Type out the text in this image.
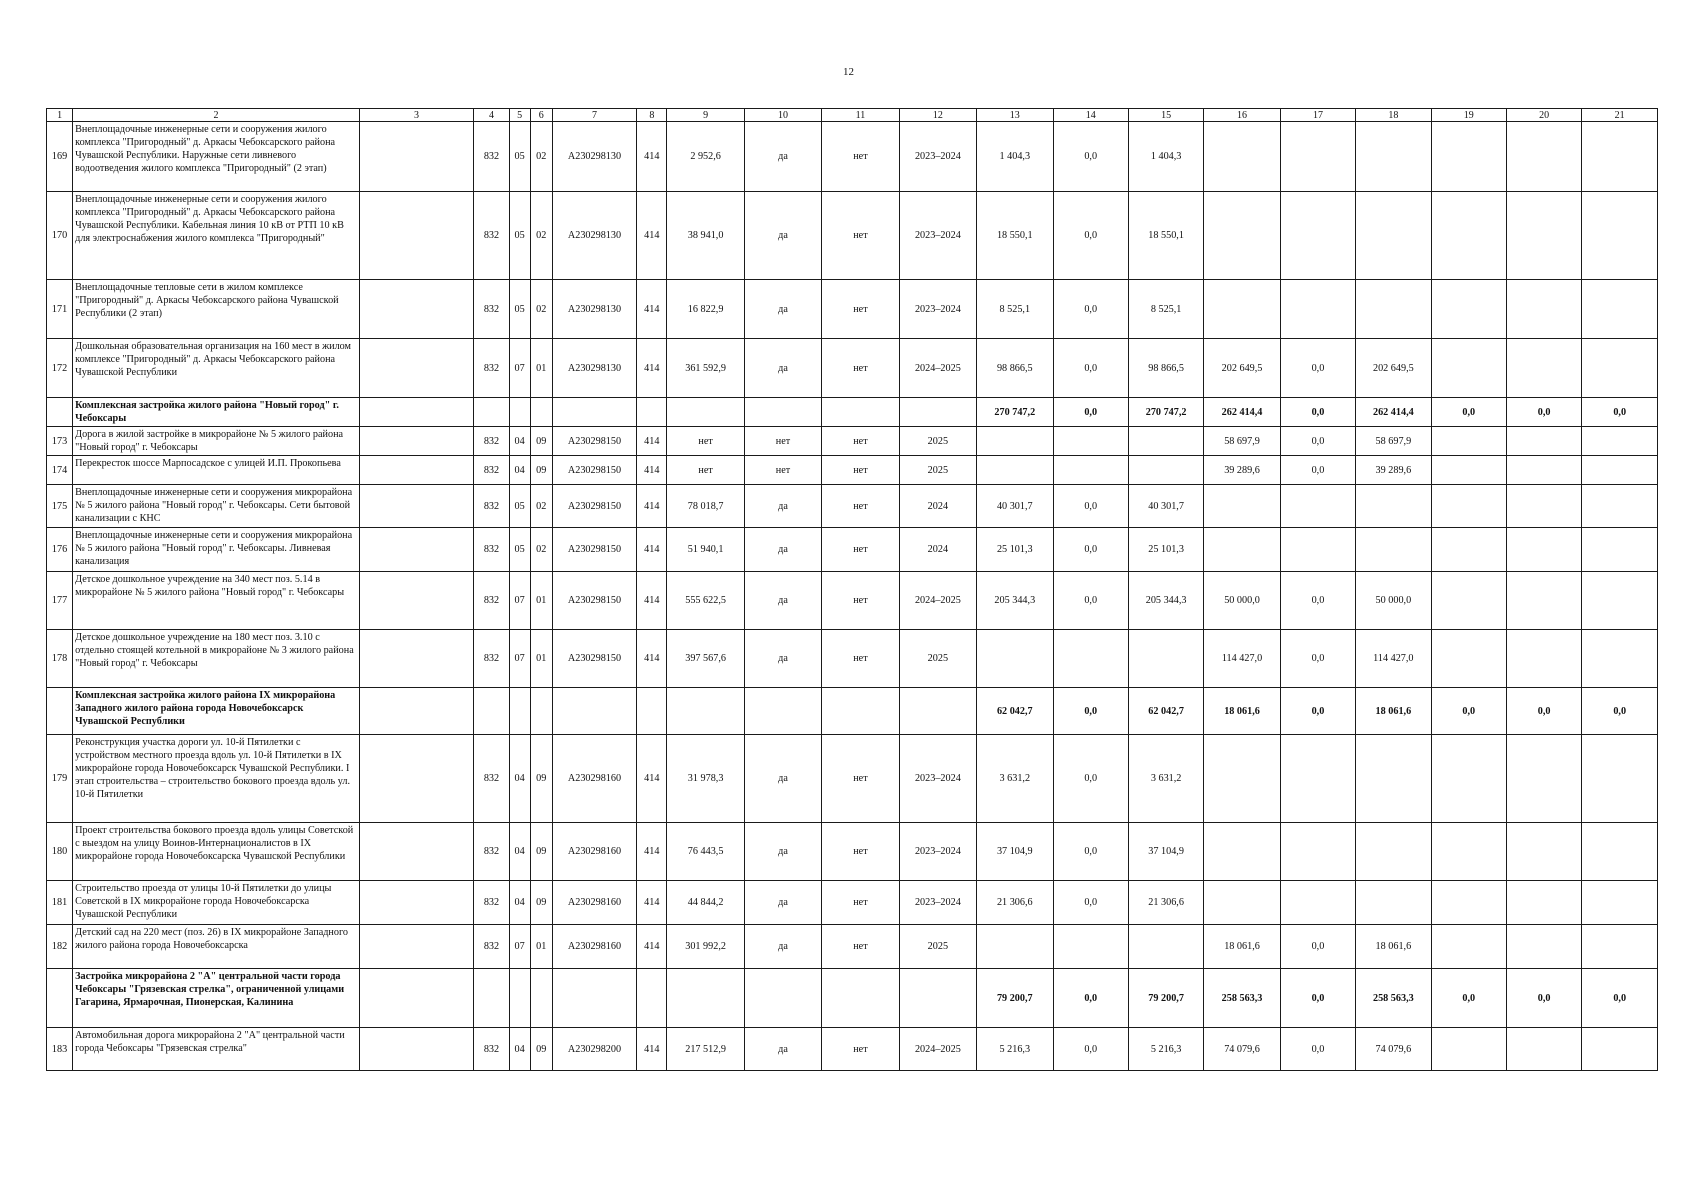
12
1	2	3	4	5	6	7	8	9	10	11	12	13	14	15	16	17	18	19	20	21
169	Внеплощадочные инженерные сети и сооружения жилого комплекса "Пригородный" д. Аркасы Чебоксарского района Чувашской Республики. Наружные сети ливневого водоотведения жилого комплекса "Пригородный" (2 этап)		832	05	02	А230298130	414	2 952,6	да	нет	2023–2024	1 404,3	0,0	1 404,3						
170	Внеплощадочные инженерные сети и сооружения жилого комплекса "Пригородный" д. Аркасы Чебоксарского района Чувашской Республики. Кабельная линия 10 кВ от РТП 10 кВ для электроснабжения жилого комплекса "Пригородный"		832	05	02	А230298130	414	38 941,0	да	нет	2023–2024	18 550,1	0,0	18 550,1						
171	Внеплощадочные тепловые сети в жилом комплексе "Пригородный" д. Аркасы Чебоксарского района Чувашской Республики (2 этап)		832	05	02	А230298130	414	16 822,9	да	нет	2023–2024	8 525,1	0,0	8 525,1						
172	Дошкольная образовательная организация на 160 мест в жилом комплексе "Пригородный" д. Аркасы Чебоксарского района Чувашской Республики		832	07	01	А230298130	414	361 592,9	да	нет	2024–2025	98 866,5	0,0	98 866,5	202 649,5	0,0	202 649,5			
	Комплексная застройка жилого района "Новый город" г. Чебоксары											270 747,2	0,0	270 747,2	262 414,4	0,0	262 414,4	0,0	0,0	0,0
173	Дорога в жилой застройке в микрорайоне № 5 жилого района "Новый город" г. Чебоксары		832	04	09	А230298150	414	нет	нет	нет	2025				58 697,9	0,0	58 697,9			
174	Перекресток шоссе Марпосадское с улицей И.П. Прокопьева		832	04	09	А230298150	414	нет	нет	нет	2025				39 289,6	0,0	39 289,6			
175	Внеплощадочные инженерные сети и сооружения микрорайона № 5 жилого района "Новый город" г. Чебоксары. Сети бытовой канализации с КНС		832	05	02	А230298150	414	78 018,7	да	нет	2024	40 301,7	0,0	40 301,7						
176	Внеплощадочные инженерные сети и сооружения микрорайона № 5 жилого района "Новый город" г. Чебоксары. Ливневая канализация		832	05	02	А230298150	414	51 940,1	да	нет	2024	25 101,3	0,0	25 101,3						
177	Детское дошкольное учреждение на 340 мест поз. 5.14 в микрорайоне № 5 жилого района "Новый город" г. Чебоксары		832	07	01	А230298150	414	555 622,5	да	нет	2024–2025	205 344,3	0,0	205 344,3	50 000,0	0,0	50 000,0			
178	Детское дошкольное учреждение на 180 мест поз. 3.10 с отдельно стоящей котельной в микрорайоне № 3 жилого района "Новый город" г. Чебоксары		832	07	01	А230298150	414	397 567,6	да	нет	2025				114 427,0	0,0	114 427,0			
	Комплексная застройка жилого района IX микрорайона Западного жилого района города Новочебоксарск Чувашской Республики											62 042,7	0,0	62 042,7	18 061,6	0,0	18 061,6	0,0	0,0	0,0
179	Реконструкция участка дороги ул. 10-й Пятилетки с устройством местного проезда вдоль ул. 10-й Пятилетки в IX микрорайоне города Новочебоксарск Чувашской Республики. I этап строительства – строительство бокового проезда вдоль ул. 10-й Пятилетки		832	04	09	А230298160	414	31 978,3	да	нет	2023–2024	3 631,2	0,0	3 631,2						
180	Проект строительства бокового проезда вдоль улицы Советской с выездом на улицу Воинов-Интернационалистов в IX микрорайоне города Новочебоксарска Чувашской Республики		832	04	09	А230298160	414	76 443,5	да	нет	2023–2024	37 104,9	0,0	37 104,9						
181	Строительство проезда от улицы 10-й Пятилетки до улицы Советской в IX микрорайоне города Новочебоксарска Чувашской Республики		832	04	09	А230298160	414	44 844,2	да	нет	2023–2024	21 306,6	0,0	21 306,6						
182	Детский сад на 220 мест (поз. 26) в IX микрорайоне Западного жилого района города Новочебоксарска		832	07	01	А230298160	414	301 992,2	да	нет	2025				18 061,6	0,0	18 061,6			
	Застройка микрорайона 2 "А" центральной части города Чебоксары "Грязевская стрелка", ограниченной улицами Гагарина, Ярмарочная, Пионерская, Калинина											79 200,7	0,0	79 200,7	258 563,3	0,0	258 563,3	0,0	0,0	0,0
183	Автомобильная дорога микрорайона 2 "А" центральной части города Чебоксары "Грязевская стрелка"		832	04	09	А230298200	414	217 512,9	да	нет	2024–2025	5 216,3	0,0	5 216,3	74 079,6	0,0	74 079,6			
